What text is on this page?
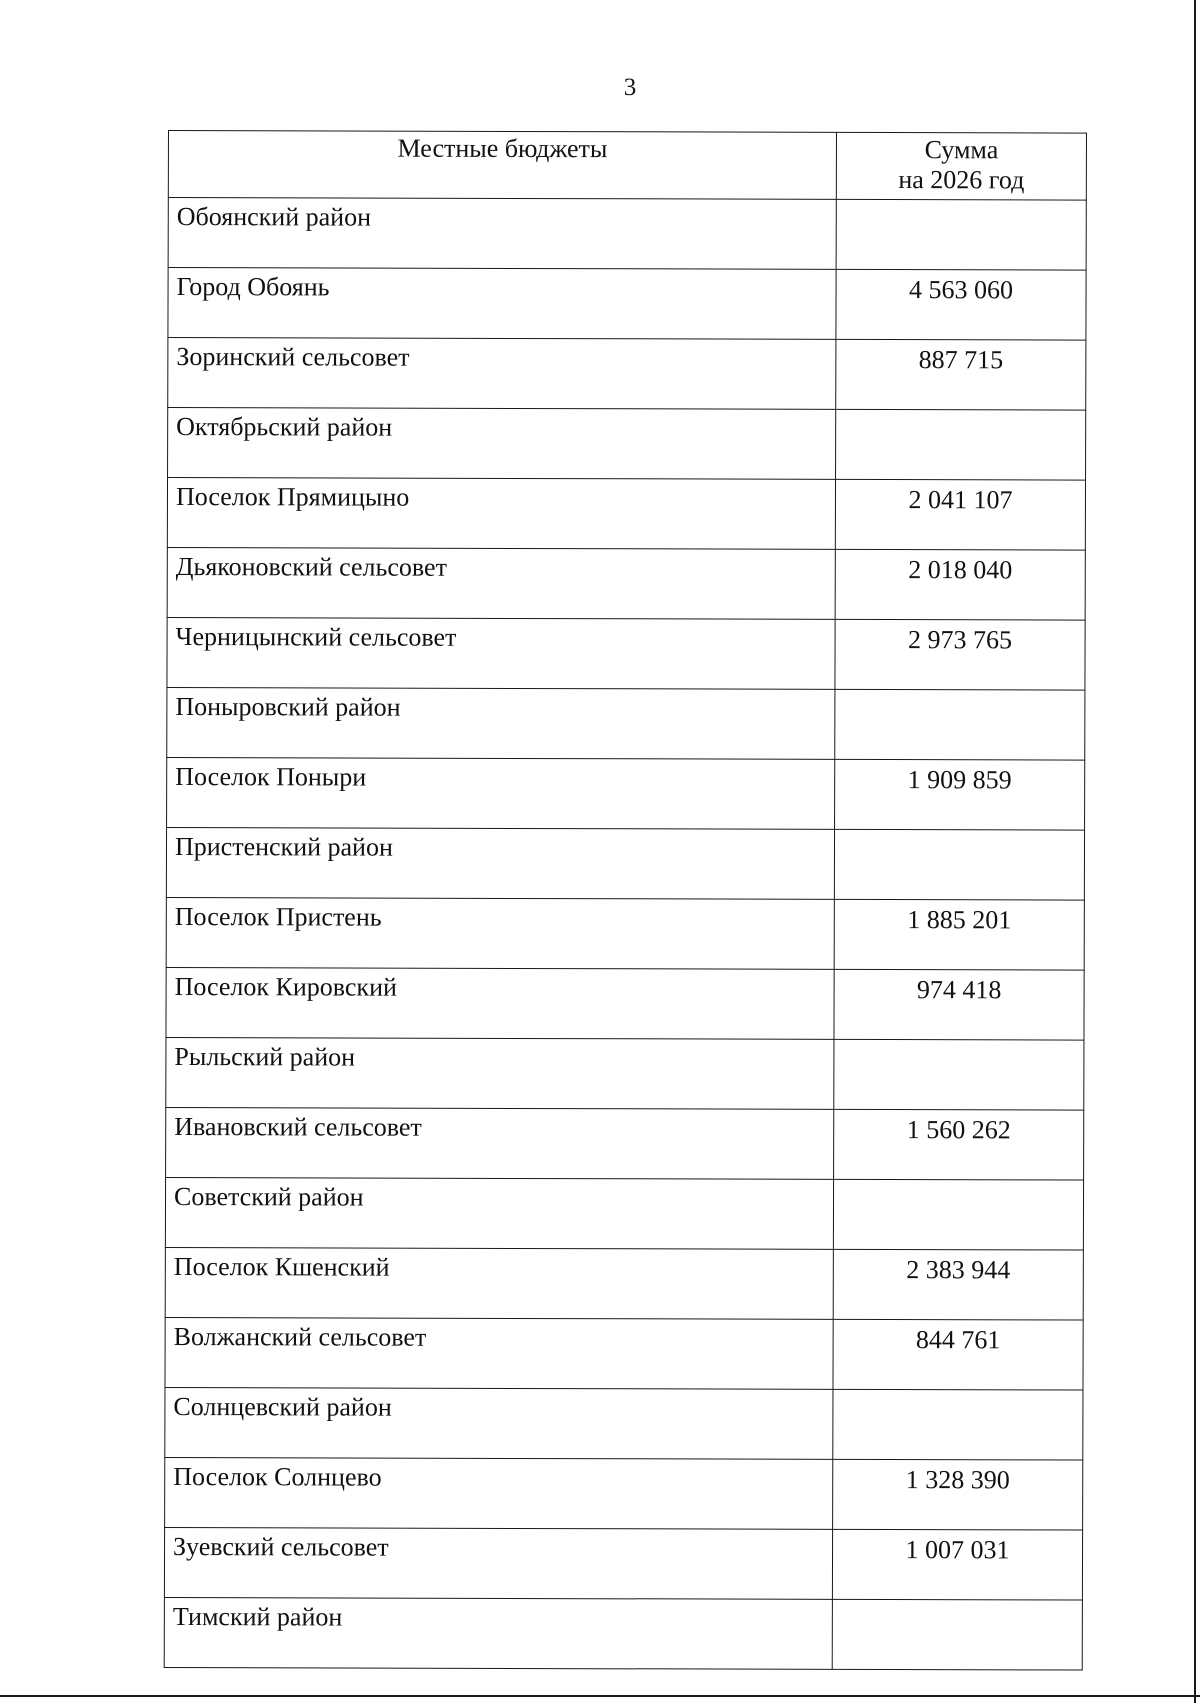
3
Местные бюджеты	Сумма
на 2026 год

Обоянский район	
Город Обоянь	4 563 060
Зоринский сельсовет	887 715
Октябрьский район	
Поселок Прямицыно	2 041 107
Дьяконовский сельсовет	2 018 040
Черницынский сельсовет	2 973 765
Поныровский район	
Поселок Поныри	1 909 859
Пристенский район	
Поселок Пристень	1 885 201
Поселок Кировский	974 418
Рыльский район	
Ивановский сельсовет	1 560 262
Советский район	
Поселок Кшенский	2 383 944
Волжанский сельсовет	844 761
Солнцевский район	
Поселок Солнцево	1 328 390
Зуевский сельсовет	1 007 031
Тимский район	
